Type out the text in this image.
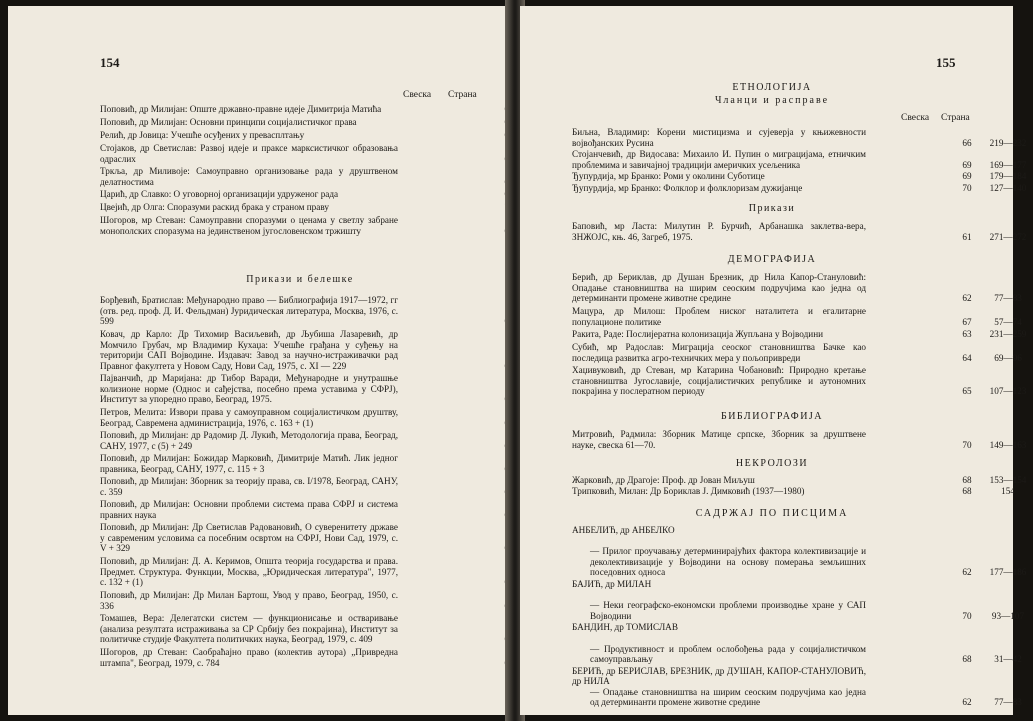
154
Свеска Страна
Поповић, др Милијан: Опште државно-правне идеје Димитрија Матића
Поповић, др Милијан: Основни принципи социјалистичког права
Релић, др Јовица: Учешће осуђених у превасплтању
Стојаков, др Светислав: Развој идеје и праксе марксистичког образовања одраслих
Тркља, др Миливоје: Самоуправно организовање рада у друштвеном делатностима
Царић, др Славко: О уговорној организацији удруженог рада
Цвејић, др Олга: Споразуми раскид брака у страном праву
Шогоров, мр Стеван: Самоуправни споразуми о ценама у светлу забране монополских споразума на јединственом југословенском тржишту
Прикази и белешке
Борђевић, Братислав: Међународно право — Библиографија 1917—1972, гг (отв. ред. проф. Д. И. Фельдман) Јуридическая литература, Москва, 1976, с. 599
Ковач, др Карло: Др Тихомир Васиљевић, др Љубиша Лазаревић, др Момчило Грубач, мр Владимир Кухаџа: Учешће грађана у суђењу на територији САП Војводине. Издавач: Завод за научно-истраживачки рад Правног факултета у Новом Саду, Нови Сад, 1975, с. XI — 229
Пајванчић, др Маријана: др Тибор Варади, Међународне и унутрашње колизионе норме (Однос и сађејства, посебно према уставима у СФРЈ), Институт за упоредно право, Београд, 1975.
Петров, Мелита: Извори права у самоуправном социјалистичком друштву, Београд, Савремена администрација, 1976, с. 163 + (1)
Поповић, др Милијан: др Радомир Д. Лукић, Методологија права, Београд, САНУ, 1977, с (5) + 249
Поповић, др Милијан: Божидар Марковић, Димитрије Матић. Лик једног правника, Београд, САНУ, 1977, с. 115 + 3
Поповић, др Милијан: Зборник за теорију права, св. I/1978, Београд, САНУ, с. 359
Поповић, др Милијан: Основни проблеми система права СФРЈ и система правних наука
Поповић, др Милијан: Др Светислав Радовановић, О суверенитету државе у савременим условима са посебним освртом на СФРЈ, Нови Сад, 1979, с. V + 329
Поповић, др Милијан: Д. А. Керимов, Општа теорија государства и права. Предмет. Структура. Функции, Москва, „Юридическая литература", 1977, с. 132 + (1)
Поповић, др Милијан: Др Милан Бартош, Увод у право, Београд, 1950, с. 336
Томашев, Вера: Делегатски систем — функционисање и остваривање (анализа резултата истраживања за СР Србију без покрајина), Институт за политичке студије Факултета политичких наука, Београд, 1979, с. 409
Шогоров, др Стеван: Саобраћајно право (колектив аутора) „Привредна штампа", Београд, 1979, с. 784
155
ЕТНОЛОГИЈА
Чланци и расправе
Свеска Страна
Биљна, Владимир: Корени мистицизма и сујеверја у књижевности војвођанских Русина	66	219—232
Стојанчевић, др Видосава: Михаило И. Пупин о миграцијама, етничким проблемима и завичајној традицији америчких усељеника	69	169—177
Ђупурдија, мр Бранко: Роми у околини Суботице	69	179—184
Ђупурдија, мр Бранко: Фолклор и фолклоризам дужијанце	70	127—140
Прикази
Бaповић, мр Ласта: Милутин Р. Бурчић, Арбанашка заклетва-вера, ЗНЖОЈС, књ. 46, Загреб, 1975.	61	271—272
ДЕМОГРАФИЈА
Берић, др Бериклав, др Душан Брезник, др Нила Капор-Стануловић: Опадање становништва на ширим сеоским подручјима као једна од детерминанти промене животне средине	62	77—83
Мацура, др Милош: Проблем ниског наталитета и егалитарне популационе политике	67	57—74
Ракита, Раде: Послијератна колонизација Жупљана у Војводини	63	231—259
Субић, мр Радослав: Миграција сеоског становништва Бачке као последица развитка агро-техничких мера у пољопривреди	64	69—96
Хаџивуковић, др Стеван, мр Катарина Чобановић: Природно кретање становништва Југославије, социјалистичких републике и аутономних покрајина у послератном периоду	65	107—123
БИБЛИОГРАФИЈА
Митровић, Радмила: Зборник Матице српске, Зборник за друштвене науке, свеска 61—70.	70	149—163
НЕКРОЛОЗИ
Жарковић, др Драгоје: Проф. др Јован Миљуш	68	153—154
Трипковић, Милан: Др Бориклав Ј. Димковић (1937—1980)	68	154
САДРЖАЈ ПО ПИСЦИМА
АНБЕЛИЋ, др АНБЕЛКО
— Прилог проучавању детерминирајућих фактора колективизације и деколективизације у Војводини на основу померања земљишних поседовних односа	62	177—186
БАЈИЋ, др МИЛАН
— Неки географско-економски проблеми производње хране у САП Војводини	70	93—107
БАНДИН, др ТОМИСЛАВ
— Продуктивност и проблем ослобођења рада у социјалистичком самоуправљању	68	31—42
БЕРИЋ, др БЕРИСЛАВ, БРЕЗНИК, др ДУШАН, КАПОР-СТАНУЛОВИЋ, др НИЛА
— Опадање становништва на ширим сеоским подручјима као једна од детерминанти промене животне средине	62	77—83
